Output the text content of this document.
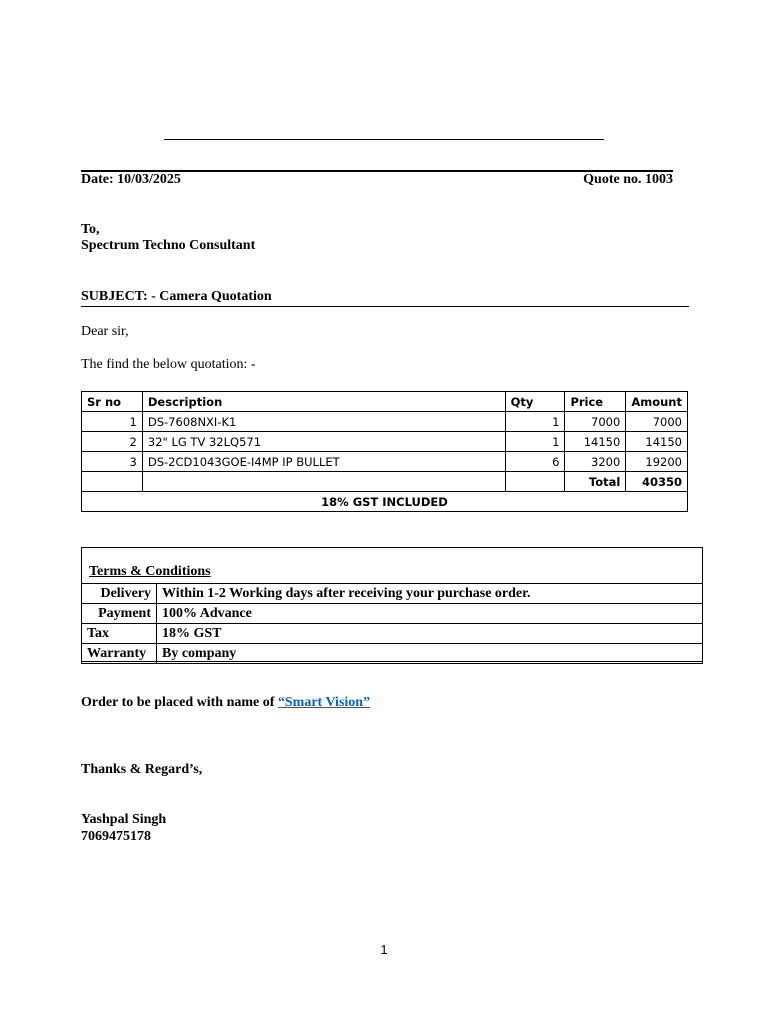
Date: 10/03/2025	Quote no. 1003
To,
Spectrum Techno Consultant
SUBJECT: - Camera Quotation
Dear sir,
The find the below quotation: -
Sr no	Description	Qty	Price	Amount
1	DS-7608NXI-K1	1	7000	7000
2	32" LG TV 32LQ571	1	14150	14150
3	DS-2CD1043GOE-I4MP IP BULLET	6	3200	19200
			Total	40350
18% GST INCLUDED				
Terms & Conditions
Delivery	Within 1-2 Working days after receiving your purchase order.
Payment	100% Advance
Tax	18% GST
Warranty	By company
Order to be placed with name of “Smart Vision”
Thanks & Regard’s,
Yashpal Singh
7069475178
1
